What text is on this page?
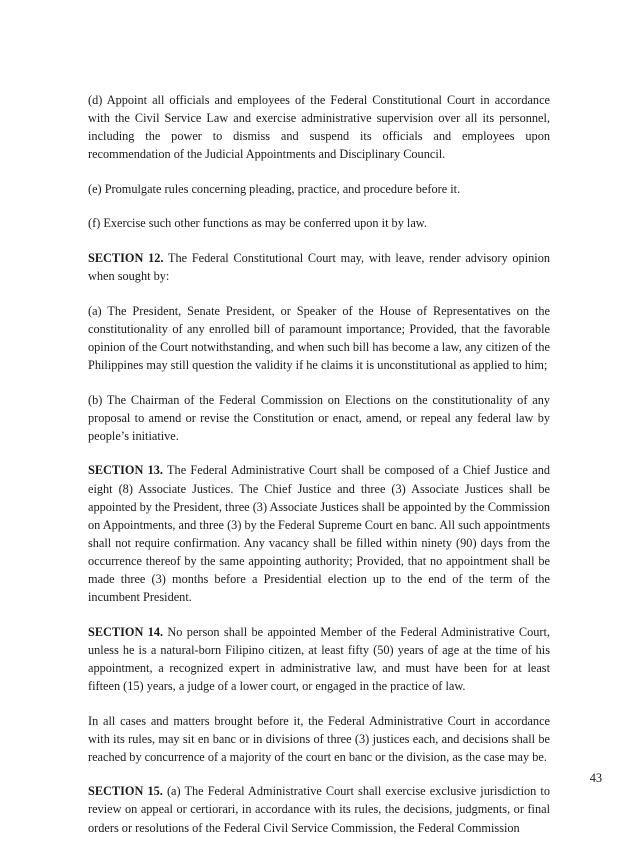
(d) Appoint all officials and employees of the Federal Constitutional Court in accordance with the Civil Service Law and exercise administrative supervision over all its personnel, including the power to dismiss and suspend its officials and employees upon recommendation of the Judicial Appointments and Disciplinary Council.

(e) Promulgate rules concerning pleading, practice, and procedure before it.

(f) Exercise such other functions as may be conferred upon it by law.

SECTION 12. The Federal Constitutional Court may, with leave, render advisory opinion when sought by:

(a) The President, Senate President, or Speaker of the House of Representatives on the constitutionality of any enrolled bill of paramount importance; Provided, that the favorable opinion of the Court notwithstanding, and when such bill has become a law, any citizen of the Philippines may still question the validity if he claims it is unconstitutional as applied to him;

(b) The Chairman of the Federal Commission on Elections on the constitutionality of any proposal to amend or revise the Constitution or enact, amend, or repeal any federal law by people’s initiative.

SECTION 13. The Federal Administrative Court shall be composed of a Chief Justice and eight (8) Associate Justices. The Chief Justice and three (3) Associate Justices shall be appointed by the President, three (3) Associate Justices shall be appointed by the Commission on Appointments, and three (3) by the Federal Supreme Court en banc. All such appointments shall not require confirmation. Any vacancy shall be filled within ninety (90) days from the occurrence thereof by the same appointing authority; Provided, that no appointment shall be made three (3) months before a Presidential election up to the end of the term of the incumbent President.

SECTION 14. No person shall be appointed Member of the Federal Administrative Court, unless he is a natural-born Filipino citizen, at least fifty (50) years of age at the time of his appointment, a recognized expert in administrative law, and must have been for at least fifteen (15) years, a judge of a lower court, or engaged in the practice of law.

In all cases and matters brought before it, the Federal Administrative Court in accordance with its rules, may sit en banc or in divisions of three (3) justices each, and decisions shall be reached by concurrence of a majority of the court en banc or the division, as the case may be.

SECTION 15. (a) The Federal Administrative Court shall exercise exclusive jurisdiction to review on appeal or certiorari, in accordance with its rules, the decisions, judgments, or final orders or resolutions of the Federal Civil Service Commission, the Federal Commission

43
